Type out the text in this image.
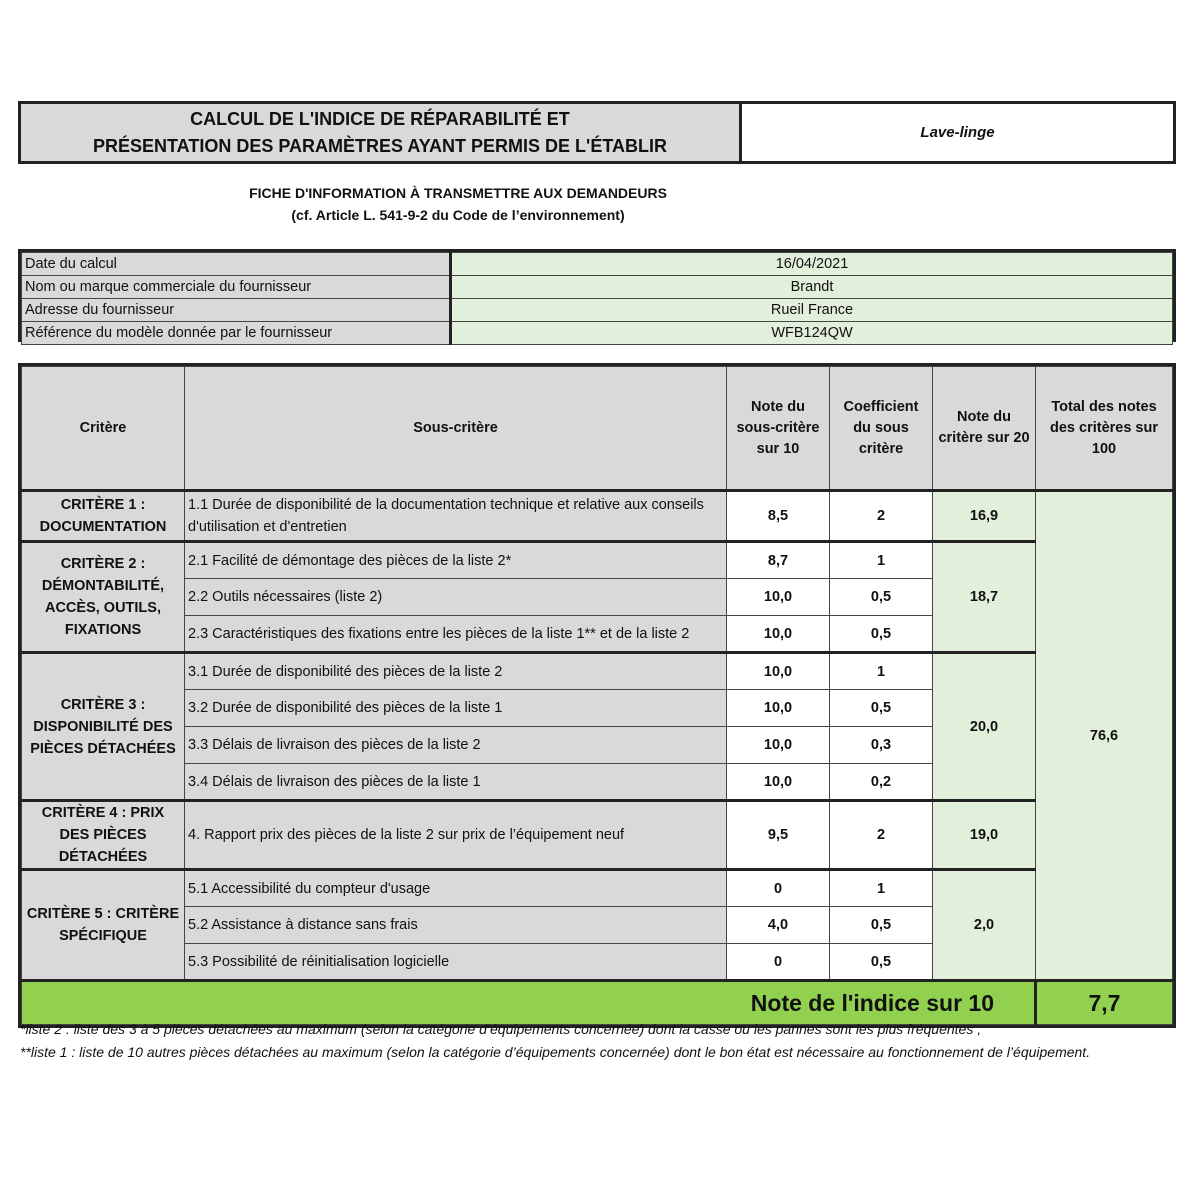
CALCUL DE L'INDICE DE RÉPARABILITÉ ET
PRÉSENTATION DES PARAMÈTRES AYANT PERMIS DE L'ÉTABLIR
Lave-linge
FICHE D'INFORMATION À TRANSMETTRE AUX DEMANDEURS
(cf. Article L. 541-9-2 du Code de l’environnement)
Date du calcul	16/04/2021
Nom ou marque commerciale du fournisseur	Brandt
Adresse du fournisseur	Rueil France
Référence du modèle donnée par le fournisseur	WFB124QW
Critère	Sous-critère	Note du sous-critère sur 10	Coefficient du sous critère	Note du critère sur 20	Total des notes des critères sur 100
CRITÈRE 1 : DOCUMENTATION	1.1 Durée de disponibilité de la documentation technique et relative aux conseils d'utilisation et d'entretien	8,5	2	16,9	76,6
CRITÈRE 2 : DÉMONTABILITÉ, ACCÈS, OUTILS, FIXATIONS	2.1 Facilité de démontage des pièces de la liste 2*	8,7	1	18,7	
	2.2 Outils nécessaires (liste 2)	10,0	0,5		
	2.3 Caractéristiques des fixations entre les pièces de la liste 1** et de la liste 2	10,0	0,5		
CRITÈRE 3 : DISPONIBILITÉ DES PIÈCES DÉTACHÉES	3.1 Durée de disponibilité des pièces de la liste 2	10,0	1	20,0	
	3.2 Durée de disponibilité des pièces de la liste 1	10,0	0,5		
	3.3 Délais de livraison des pièces de la liste 2	10,0	0,3		
	3.4 Délais de livraison des pièces de la liste 1	10,0	0,2		
CRITÈRE 4 : PRIX DES PIÈCES DÉTACHÉES	4. Rapport prix des pièces de la liste 2 sur prix de l’équipement neuf	9,5	2	19,0	
CRITÈRE 5 : CRITÈRE SPÉCIFIQUE	5.1 Accessibilité du compteur d'usage	0	1	2,0	
	5.2 Assistance à distance sans frais	4,0	0,5		
	5.3 Possibilité de réinitialisation logicielle	0	0,5		
Note de l'indice sur 10					7,7
*liste 2 : liste des 3 à 5 pièces détachées au maximum (selon la catégorie d’équipements concernée) dont la casse ou les pannes sont les plus fréquentes ;
**liste 1 : liste de 10 autres pièces détachées au maximum (selon la catégorie d’équipements concernée) dont le bon état est nécessaire au fonctionnement de l’équipement.
